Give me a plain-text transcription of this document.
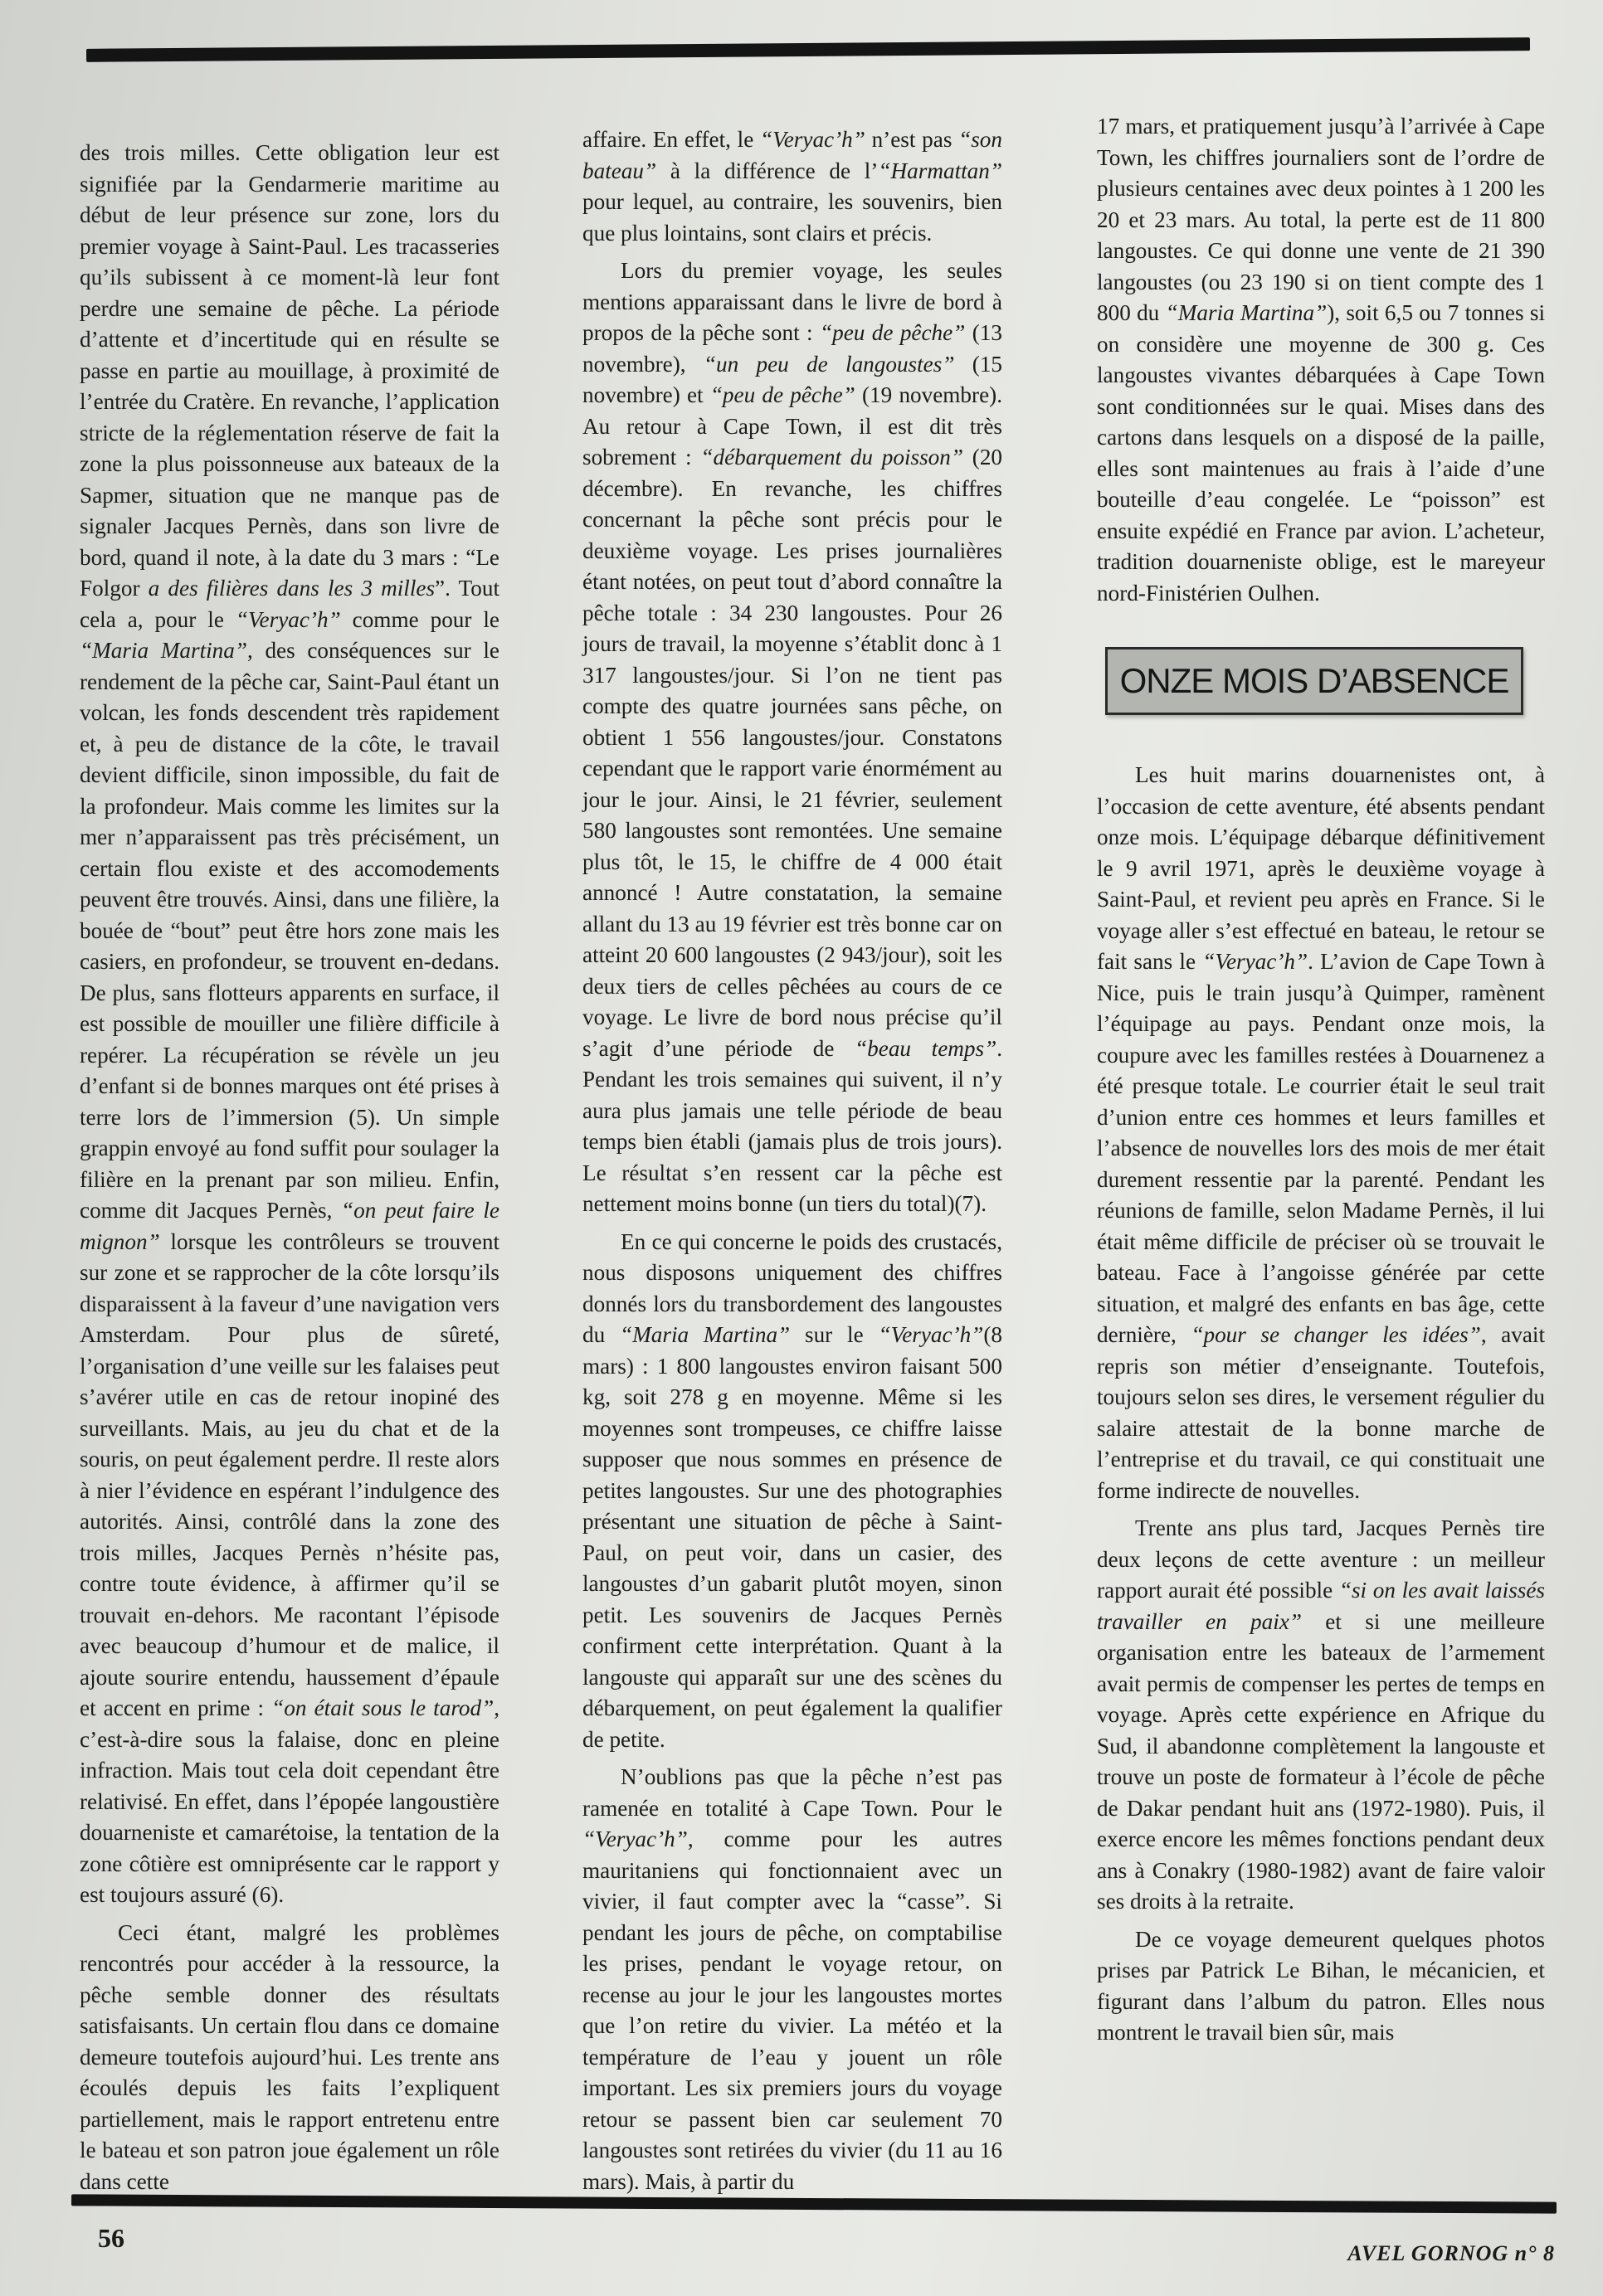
des trois milles. Cette obligation leur est signifiée par la Gendarmerie maritime au début de leur présence sur zone, lors du premier voyage à Saint-Paul. Les tracasseries qu’ils subissent à ce moment-là leur font perdre une semaine de pêche. La période d’attente et d’incertitude qui en résulte se passe en partie au mouillage, à proximité de l’entrée du Cratère. En revanche, l’application stricte de la réglementation réserve de fait la zone la plus poissonneuse aux bateaux de la Sapmer, situation que ne manque pas de signaler Jacques Pernès, dans son livre de bord, quand il note, à la date du 3 mars : “Le Folgor a des filières dans les 3 milles”. Tout cela a, pour le “Veryac’h” comme pour le “Maria Martina”, des conséquences sur le rendement de la pêche car, Saint-Paul étant un volcan, les fonds descendent très rapidement et, à peu de distance de la côte, le travail devient difficile, sinon impossible, du fait de la profondeur. Mais comme les limites sur la mer n’apparaissent pas très précisément, un certain flou existe et des accomodements peuvent être trouvés. Ainsi, dans une filière, la bouée de “bout” peut être hors zone mais les casiers, en profondeur, se trouvent en-dedans. De plus, sans flotteurs apparents en surface, il est possible de mouiller une filière difficile à repérer. La récupération se révèle un jeu d’enfant si de bonnes marques ont été prises à terre lors de l’immersion (5). Un simple grappin envoyé au fond suffit pour soulager la filière en la prenant par son milieu. Enfin, comme dit Jacques Pernès, “on peut faire le mignon” lorsque les contrôleurs se trouvent sur zone et se rapprocher de la côte lorsqu’ils disparaissent à la faveur d’une navigation vers Amsterdam. Pour plus de sûreté, l’organisation d’une veille sur les falaises peut s’avérer utile en cas de retour inopiné des surveillants. Mais, au jeu du chat et de la souris, on peut également perdre. Il reste alors à nier l’évidence en espérant l’indulgence des autorités. Ainsi, contrôlé dans la zone des trois milles, Jacques Pernès n’hésite pas, contre toute évidence, à affirmer qu’il se trouvait en-dehors. Me racontant l’épisode avec beaucoup d’humour et de malice, il ajoute sourire entendu, haussement d’épaule et accent en prime : “on était sous le tarod”, c’est-à-dire sous la falaise, donc en pleine infraction. Mais tout cela doit cependant être relativisé. En effet, dans l’épopée langoustière douarneniste et camarétoise, la tentation de la zone côtière est omniprésente car le rapport y est toujours assuré (6).

Ceci étant, malgré les problèmes rencontrés pour accéder à la ressource, la pêche semble donner des résultats satisfaisants. Un certain flou dans ce domaine demeure toutefois aujourd’hui. Les trente ans écoulés depuis les faits l’expliquent partiellement, mais le rapport entretenu entre le bateau et son patron joue également un rôle dans cette

affaire. En effet, le “Veryac’h” n’est pas “son bateau” à la différence de l’“Harmattan” pour lequel, au contraire, les souvenirs, bien que plus lointains, sont clairs et précis.

Lors du premier voyage, les seules mentions apparaissant dans le livre de bord à propos de la pêche sont : “peu de pêche” (13 novembre), “un peu de langoustes” (15 novembre) et “peu de pêche” (19 novembre). Au retour à Cape Town, il est dit très sobrement : “débarquement du poisson” (20 décembre). En revanche, les chiffres concernant la pêche sont précis pour le deuxième voyage. Les prises journalières étant notées, on peut tout d’abord connaître la pêche totale : 34 230 langoustes. Pour 26 jours de travail, la moyenne s’établit donc à 1 317 langoustes/jour. Si l’on ne tient pas compte des quatre journées sans pêche, on obtient 1 556 langoustes/jour. Constatons cependant que le rapport varie énormément au jour le jour. Ainsi, le 21 février, seulement 580 langoustes sont remontées. Une semaine plus tôt, le 15, le chiffre de 4 000 était annoncé ! Autre constatation, la semaine allant du 13 au 19 février est très bonne car on atteint 20 600 langoustes (2 943/jour), soit les deux tiers de celles pêchées au cours de ce voyage. Le livre de bord nous précise qu’il s’agit d’une période de “beau temps”. Pendant les trois semaines qui suivent, il n’y aura plus jamais une telle période de beau temps bien établi (jamais plus de trois jours). Le résultat s’en ressent car la pêche est nettement moins bonne (un tiers du total)(7).

En ce qui concerne le poids des crustacés, nous disposons uniquement des chiffres donnés lors du transbordement des langoustes du “Maria Martina” sur le “Veryac’h”(8 mars) : 1 800 langoustes environ faisant 500 kg, soit 278 g en moyenne. Même si les moyennes sont trompeuses, ce chiffre laisse supposer que nous sommes en présence de petites langoustes. Sur une des photographies présentant une situation de pêche à Saint-Paul, on peut voir, dans un casier, des langoustes d’un gabarit plutôt moyen, sinon petit. Les souvenirs de Jacques Pernès confirment cette interprétation. Quant à la langouste qui apparaît sur une des scènes du débarquement, on peut également la qualifier de petite.

N’oublions pas que la pêche n’est pas ramenée en totalité à Cape Town. Pour le “Veryac’h”, comme pour les autres mauritaniens qui fonctionnaient avec un vivier, il faut compter avec la “casse”. Si pendant les jours de pêche, on comptabilise les prises, pendant le voyage retour, on recense au jour le jour les langoustes mortes que l’on retire du vivier. La météo et la température de l’eau y jouent un rôle important. Les six premiers jours du voyage retour se passent bien car seulement 70 langoustes sont retirées du vivier (du 11 au 16 mars). Mais, à partir du

17 mars, et pratiquement jusqu’à l’arrivée à Cape Town, les chiffres journaliers sont de l’ordre de plusieurs centaines avec deux pointes à 1 200 les 20 et 23 mars. Au total, la perte est de 11 800 langoustes. Ce qui donne une vente de 21 390 langoustes (ou 23 190 si on tient compte des 1 800 du “Maria Martina”), soit 6,5 ou 7 tonnes si on considère une moyenne de 300 g. Ces langoustes vivantes débarquées à Cape Town sont conditionnées sur le quai. Mises dans des cartons dans lesquels on a disposé de la paille, elles sont maintenues au frais à l’aide d’une bouteille d’eau congelée. Le “poisson” est ensuite expédié en France par avion. L’acheteur, tradition douarneniste oblige, est le mareyeur nord-Finistérien Oulhen.

ONZE MOIS D’ABSENCE

Les huit marins douarnenistes ont, à l’occasion de cette aventure, été absents pendant onze mois. L’équipage débarque définitivement le 9 avril 1971, après le deuxième voyage à Saint-Paul, et revient peu après en France. Si le voyage aller s’est effectué en bateau, le retour se fait sans le “Veryac’h”. L’avion de Cape Town à Nice, puis le train jusqu’à Quimper, ramènent l’équipage au pays. Pendant onze mois, la coupure avec les familles restées à Douarnenez a été presque totale. Le courrier était le seul trait d’union entre ces hommes et leurs familles et l’absence de nouvelles lors des mois de mer était durement ressentie par la parenté. Pendant les réunions de famille, selon Madame Pernès, il lui était même difficile de préciser où se trouvait le bateau. Face à l’angoisse générée par cette situation, et malgré des enfants en bas âge, cette dernière, “pour se changer les idées”, avait repris son métier d’enseignante. Toutefois, toujours selon ses dires, le versement régulier du salaire attestait de la bonne marche de l’entreprise et du travail, ce qui constituait une forme indirecte de nouvelles.

Trente ans plus tard, Jacques Pernès tire deux leçons de cette aventure : un meilleur rapport aurait été possible “si on les avait laissés travailler en paix” et si une meilleure organisation entre les bateaux de l’armement avait permis de compenser les pertes de temps en voyage. Après cette expérience en Afrique du Sud, il abandonne complètement la langouste et trouve un poste de formateur à l’école de pêche de Dakar pendant huit ans (1972-1980). Puis, il exerce encore les mêmes fonctions pendant deux ans à Conakry (1980-1982) avant de faire valoir ses droits à la retraite.

De ce voyage demeurent quelques photos prises par Patrick Le Bihan, le mécanicien, et figurant dans l’album du patron. Elles nous montrent le travail bien sûr, mais

56
AVEL GORNOG n° 8
